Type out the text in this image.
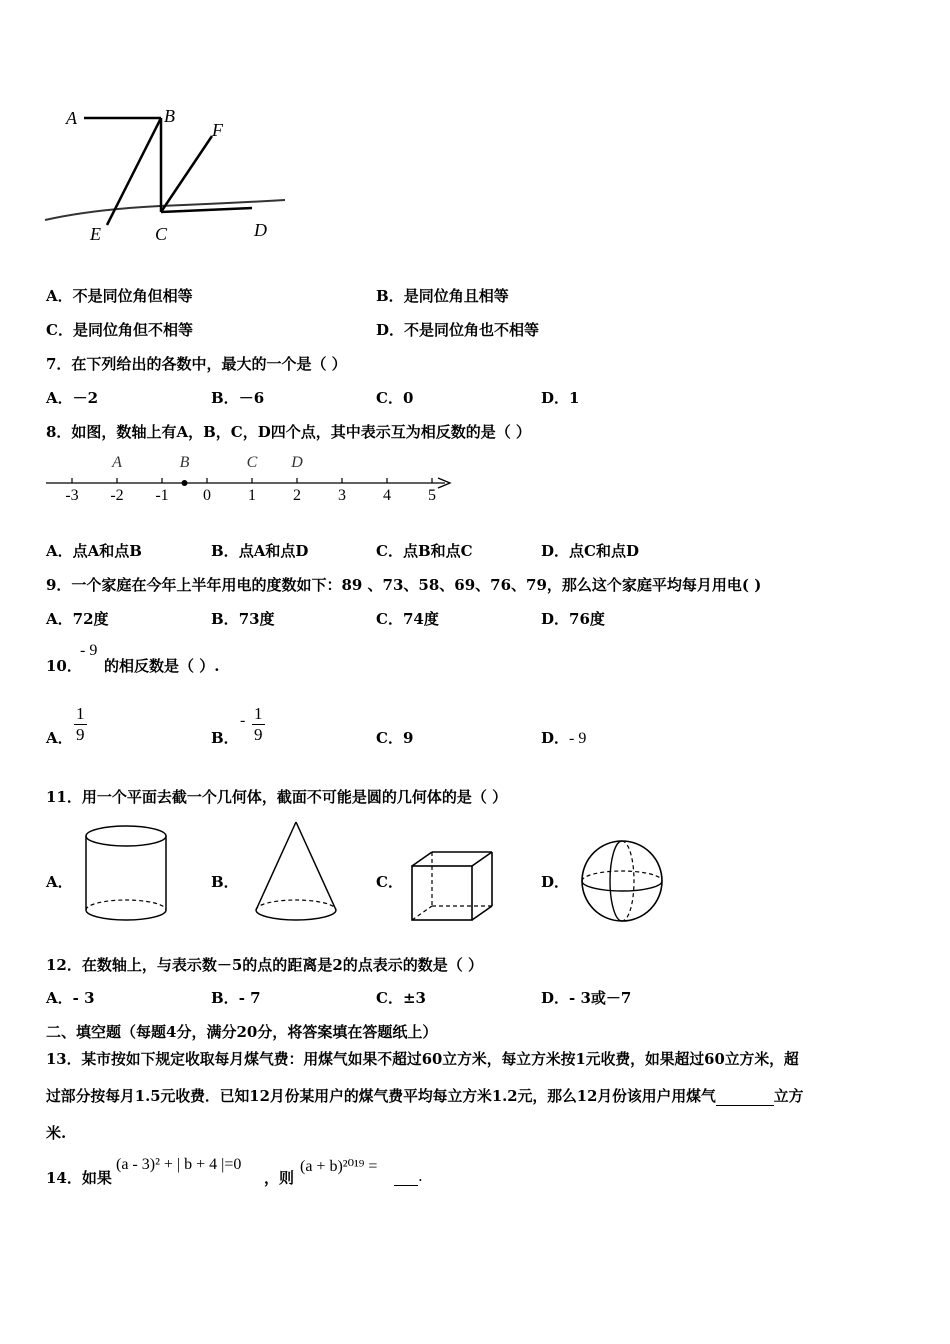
A	B
F
E	C	D
A．不是同位角但相等	B．是同位角且相等
C．是同位角但不相等	D．不是同位角也不相等
7．在下列给出的各数中，最大的一个是（ ）
A．－2	B．－6	C．0	D．1
8．如图，数轴上有A，B，C，D四个点，其中表示互为相反数的是（ ）
-3 -2 -1 0 1 2 3 4 5
A	B	C D
A．点A和点B	B．点A和点D	C．点B和点C	D．点C和点D
9．一个家庭在今年上半年用电的度数如下：89 、73、58、69、76、79，那么这个家庭平均每月用电( )
A．72度	B．73度	C．74度	D．76度
10．
- 9
的相反数是（ ）.
A． $\frac{1}{9}$	B．
- $\frac{1}{9}$	C．9	D．- 9
11．用一个平面去截一个几何体，截面不可能是圆的几何体的是（ ）
A．	B．	C．	D．
12．在数轴上，与表示数－5的点的距离是2的点表示的数是（ ）
A．- 3	B．- 7	C．±3	D．- 3或－7
二、填空题（每题4分，满分20分，将答案填在答题纸上）
13．某市按如下规定收取每月煤气费：用煤气如果不超过60立方米，每立方米按1元收费，如果超过60立方米，超
过部分按每月1.5元收费．已知12月份某用户的煤气费平均每立方米1.2元，那么12月份该用户用煤气	立方
米.
14．如果
(a - 3)² + | b + 4 |=0
，则
(a + b)²⁰¹⁹ =
.
